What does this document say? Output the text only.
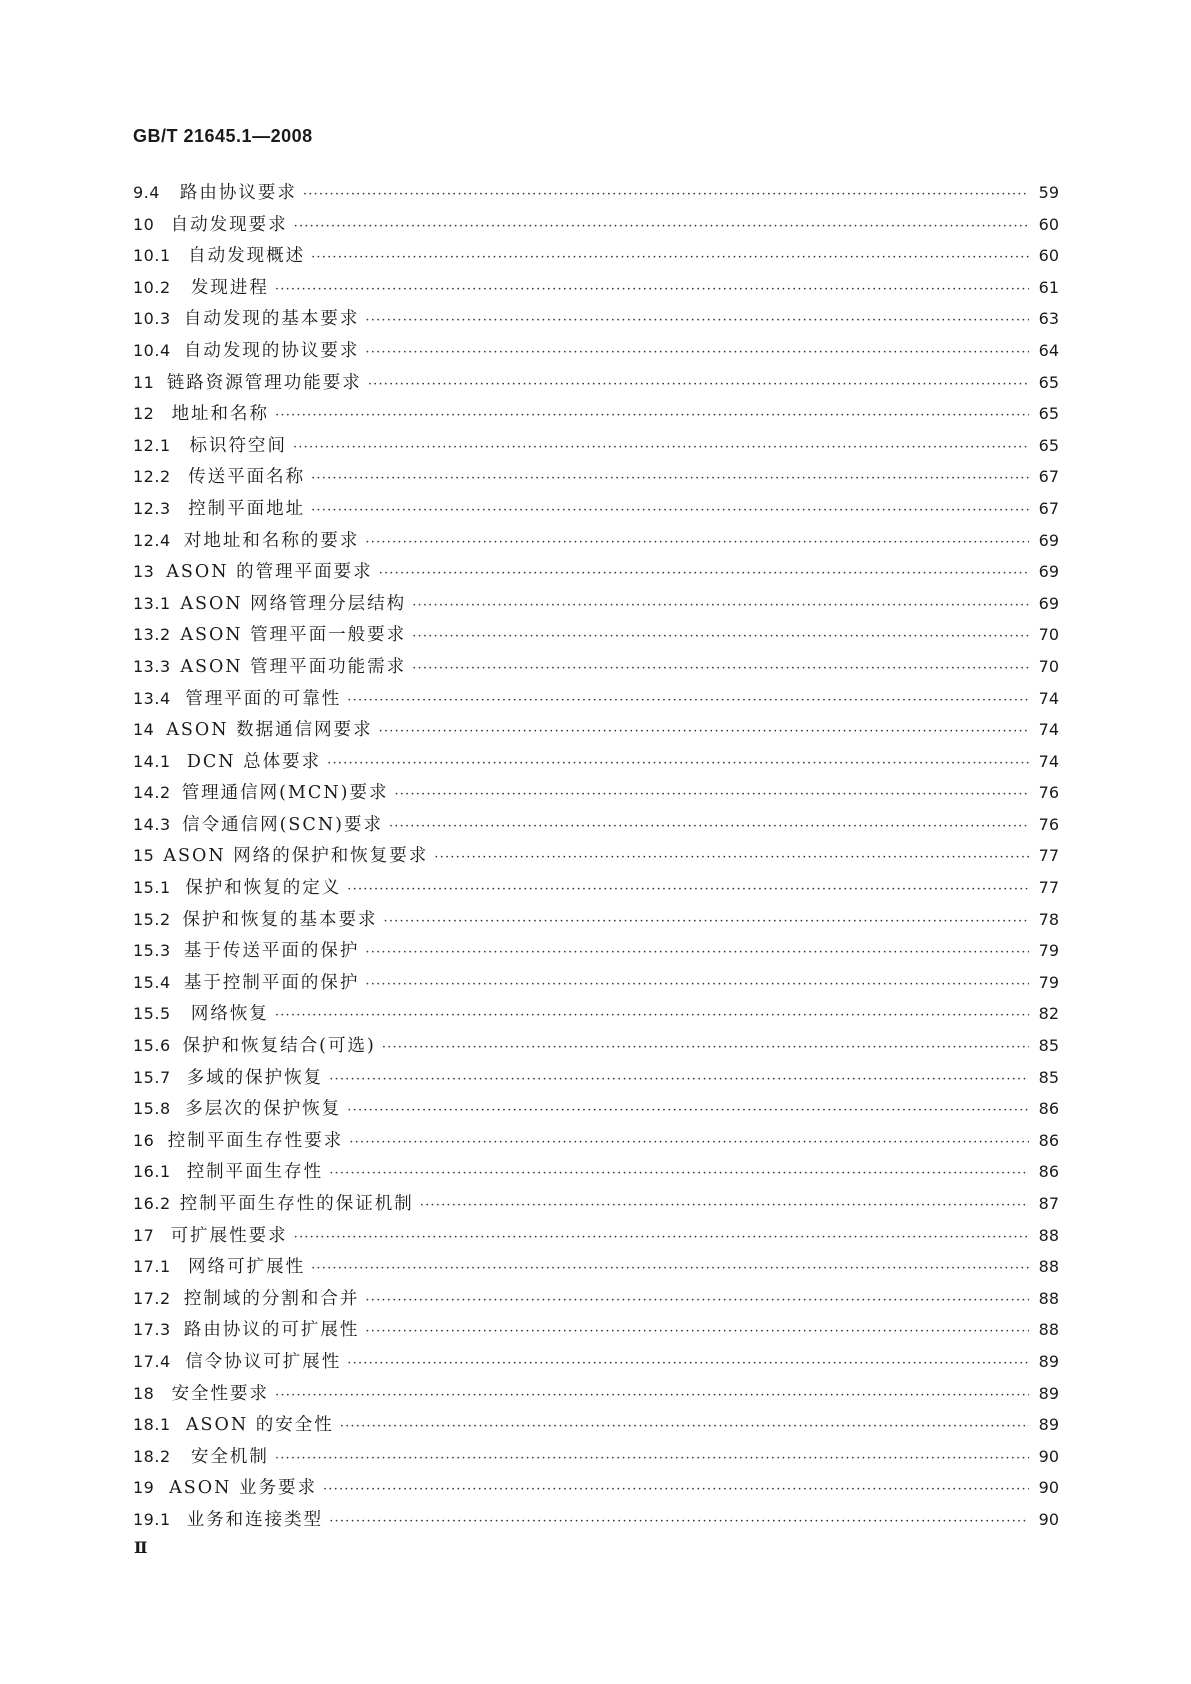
GB/T 21645.1—2008
9.4	路由协议要求 ·····	59
10 自动发现要求 ·····	60
10.1 自动发现概述 ·····	60
10.2	发现进程 ·····	61
10.3 自动发现的基本要求 ·····	63
10.4 自动发现的协议要求 ·····	64
11 链路资源管理功能要求 ·····	65
12 地址和名称 ·····	65
12.1	标识符空间 ·····	65
12.2 传送平面名称 ·····	67
12.3 控制平面地址 ·····	67
12.4 对地址和名称的要求 ·····	69
13 ASON 的管理平面要求 ·····	69
13.1 ASON 网络管理分层结构 ·····	69
13.2 ASON 管理平面一般要求 ·····	70
13.3 ASON 管理平面功能需求 ·····	70
13.4 管理平面的可靠性 ·····	74
14 ASON 数据通信网要求 ·····	74
14.1 DCN 总体要求 ·····	74
14.2 管理通信网(MCN)要求 ·····	76
14.3 信令通信网(SCN)要求 ·····	76
15 ASON 网络的保护和恢复要求 ·····	77
15.1 保护和恢复的定义 ·····	77
15.2 保护和恢复的基本要求 ·····	78
15.3 基于传送平面的保护 ·····	79
15.4 基于控制平面的保护 ·····	79
15.5	网络恢复 ·····	82
15.6 保护和恢复结合(可选) ·····	85
15.7 多域的保护恢复 ·····	85
15.8 多层次的保护恢复 ·····	86
16 控制平面生存性要求 ·····	86
16.1 控制平面生存性 ·····	86
16.2 控制平面生存性的保证机制 ·····	87
17 可扩展性要求 ·····	88
17.1 网络可扩展性 ·····	88
17.2 控制域的分割和合并 ·····	88
17.3 路由协议的可扩展性 ·····	88
17.4 信令协议可扩展性 ·····	89
18 安全性要求 ·····	89
18.1 ASON 的安全性 ·····	89
18.2	安全机制 ·····	90
19 ASON 业务要求 ·····	90
19.1 业务和连接类型 ·····	90
Ⅱ
